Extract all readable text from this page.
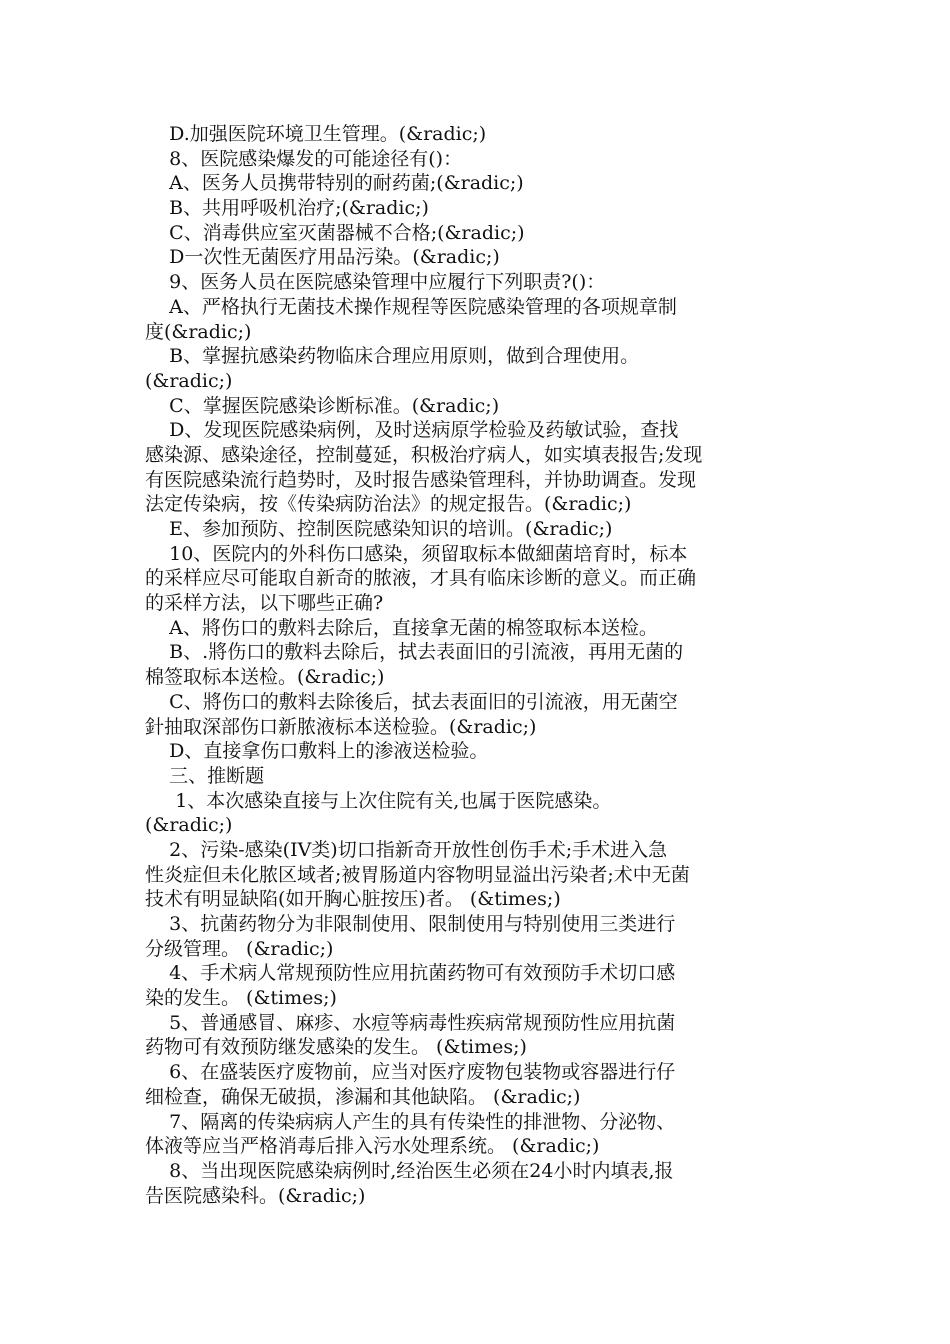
D.加强医院环境卫生管理。(&radic;)
8、医院感染爆发的可能途径有()：
A、医务人员携带特别的耐药菌;(&radic;)
B、共用呼吸机治疗;(&radic;)
C、消毒供应室灭菌器械不合格;(&radic;)
D一次性无菌医疗用品污染。(&radic;)
9、医务人员在医院感染管理中应履行下列职责?()：
A、严格执行无菌技术操作规程等医院感染管理的各项规章制
度(&radic;)
B、掌握抗感染药物临床合理应用原则，做到合理使用。
(&radic;)
C、掌握医院感染诊断标准。(&radic;)
D、发现医院感染病例，及时送病原学检验及药敏试验，查找
感染源、感染途径，控制蔓延，积极治疗病人，如实填表报告;发现
有医院感染流行趋势时，及时报告感染管理科，并协助调查。发现
法定传染病，按《传染病防治法》的规定报告。(&radic;)
E、参加预防、控制医院感染知识的培训。(&radic;)
10、医院内的外科伤口感染，须留取标本做細菌培育时，标本
的采样应尽可能取自新奇的脓液，才具有临床诊断的意义。而正确
的采样方法，以下哪些正确?
A、將伤口的敷料去除后，直接拿无菌的棉签取标本送检。
B、.將伤口的敷料去除后，拭去表面旧的引流液，再用无菌的
棉签取标本送检。(&radic;)
C、將伤口的敷料去除後后，拭去表面旧的引流液，用无菌空
針抽取深部伤口新脓液标本送检验。(&radic;)
D、直接拿伤口敷料上的渗液送检验。
三、推断题
1、本次感染直接与上次住院有关,也属于医院感染。
(&radic;)
2、污染-感染(IV类)切口指新奇开放性创伤手术;手术进入急
性炎症但未化脓区域者;被胃肠道内容物明显溢出污染者;术中无菌
技术有明显缺陷(如开胸心脏按压)者。 (&times;)
3、抗菌药物分为非限制使用、限制使用与特别使用三类进行
分级管理。 (&radic;)
4、手术病人常规预防性应用抗菌药物可有效预防手术切口感
染的发生。 (&times;)
5、普通感冒、麻疹、水痘等病毒性疾病常规预防性应用抗菌
药物可有效预防继发感染的发生。 (&times;)
6、在盛装医疗废物前，应当对医疗废物包装物或容器进行仔
细检查，确保无破损，渗漏和其他缺陷。 (&radic;)
7、隔离的传染病病人产生的具有传染性的排泄物、分泌物、
体液等应当严格消毒后排入污水处理系统。 (&radic;)
8、当出现医院感染病例时,经治医生必须在24小时内填表,报
告医院感染科。(&radic;)
